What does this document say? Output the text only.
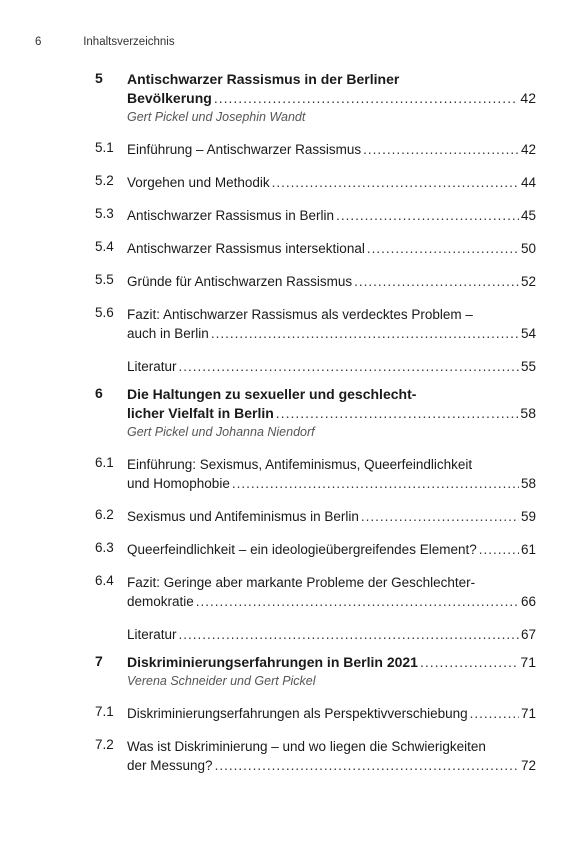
6	Inhaltsverzeichnis
5	Antischwarzer Rassismus in der Berliner
Bevölkerung .....	42
Gert Pickel und Josephin Wandt
5.1 Einführung – Antischwarzer Rassismus .....	42
5.2 Vorgehen und Methodik .....	44
5.3 Antischwarzer Rassismus in Berlin .....	45
5.4 Antischwarzer Rassismus intersektional .....	50
5.5 Gründe für Antischwarzen Rassismus .....	52
5.6 Fazit: Antischwarzer Rassismus als verdecktes Problem –
auch in Berlin .....	54
Literatur .....	55
6	Die Haltungen zu sexueller und geschlecht-
licher Vielfalt in Berlin .....	58
Gert Pickel und Johanna Niendorf
6.1 Einführung: Sexismus, Antifeminismus, Queerfeindlichkeit
und Homophobie .....	58
6.2 Sexismus und Antifeminismus in Berlin .....	59
6.3 Queerfeindlichkeit – ein ideologieübergreifendes Element? .....	61
6.4 Fazit: Geringe aber markante Probleme der Geschlechter-
demokratie .....	66
Literatur .....	67
7	Diskriminierungserfahrungen in Berlin 2021 .....	71
Verena Schneider und Gert Pickel
7.1 Diskriminierungserfahrungen als Perspektivverschiebung .....	71
7.2 Was ist Diskriminierung – und wo liegen die Schwierigkeiten
der Messung? .....	72
